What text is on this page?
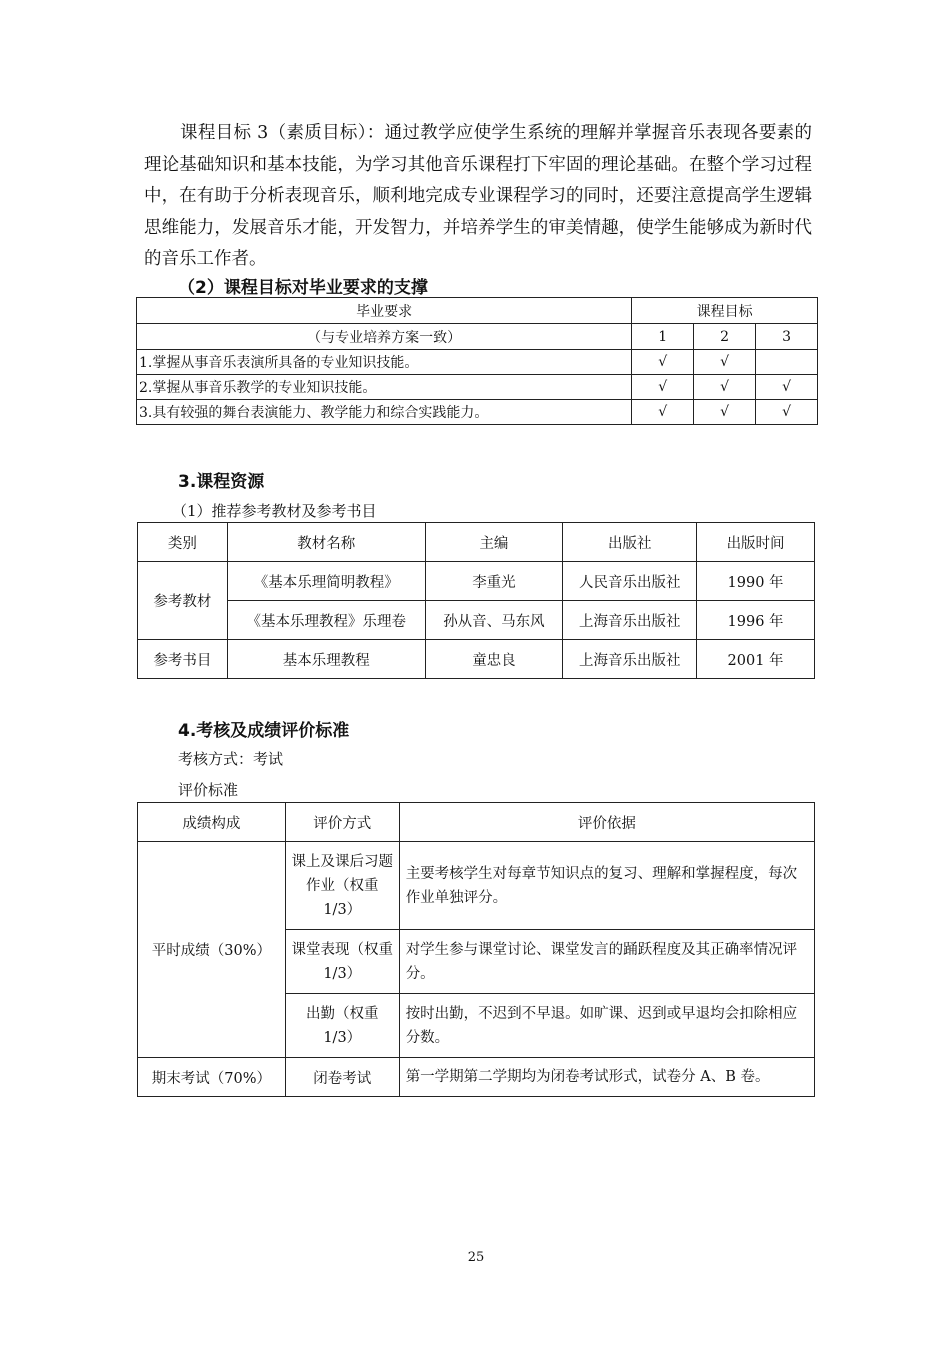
课程目标 3（素质目标）：通过教学应使学生系统的理解并掌握音乐表现各要素的理论基础知识和基本技能，为学习其他音乐课程打下牢固的理论基础。在整个学习过程中，在有助于分析表现音乐，顺利地完成专业课程学习的同时，还要注意提高学生逻辑思维能力，发展音乐才能，开发智力，并培养学生的审美情趣，使学生能够成为新时代的音乐工作者。

（2）课程目标对毕业要求的支撑
毕业要求	课程目标		
（与专业培养方案一致）	1	2	3
1.掌握从事音乐表演所具备的专业知识技能。	√	√	
2.掌握从事音乐教学的专业知识技能。	√	√	√
3.具有较强的舞台表演能力、教学能力和综合实践能力。	√	√	√
3.课程资源
（1）推荐参考教材及参考书目
类别	教材名称	主编	出版社	出版时间
参考教材	《基本乐理简明教程》	李重光	人民音乐出版社	1990 年
	《基本乐理教程》乐理卷	孙从音、马东风	上海音乐出版社	1996 年
参考书目	基本乐理教程	童忠良	上海音乐出版社	2001 年
4.考核及成绩评价标准
考核方式：考试
评价标准
成绩构成	评价方式	评价依据
平时成绩（30%）	课上及课后习题作业（权重 1/3）	主要考核学生对每章节知识点的复习、理解和掌握程度，每次作业单独评分。
	课堂表现（权重 1/3）	对学生参与课堂讨论、课堂发言的踊跃程度及其正确率情况评分。
	出勤（权重 1/3）	按时出勤，不迟到不早退。如旷课、迟到或早退均会扣除相应分数。
期末考试（70%）	闭卷考试	第一学期第二学期均为闭卷考试形式，试卷分 A、B 卷。
25
